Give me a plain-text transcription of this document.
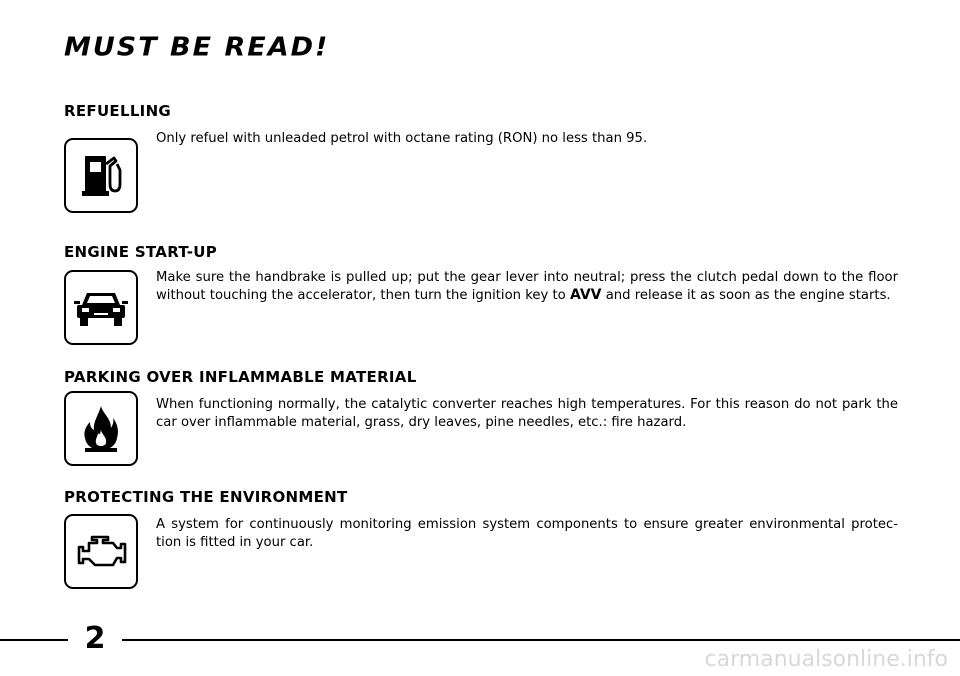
MUST BE READ!
REFUELLING

Only refuel with unleaded petrol with octane rating (RON) no less than 95.

ENGINE START-UP

Make sure the handbrake is pulled up; put the gear lever into neutral; press the clutch pedal down to the floor without touching the accelerator, then turn the ignition key to AVV and release it as soon as the engine starts.

PARKING OVER INFLAMMABLE MATERIAL

When functioning normally, the catalytic converter reaches high temperatures. For this reason do not park the car over inflammable material, grass, dry leaves, pine needles, etc.: fire hazard.

PROTECTING THE ENVIRONMENT

A system for continuously monitoring emission system components to ensure greater environmental protec-tion is fitted in your car.

2
carmanualsonline.info
